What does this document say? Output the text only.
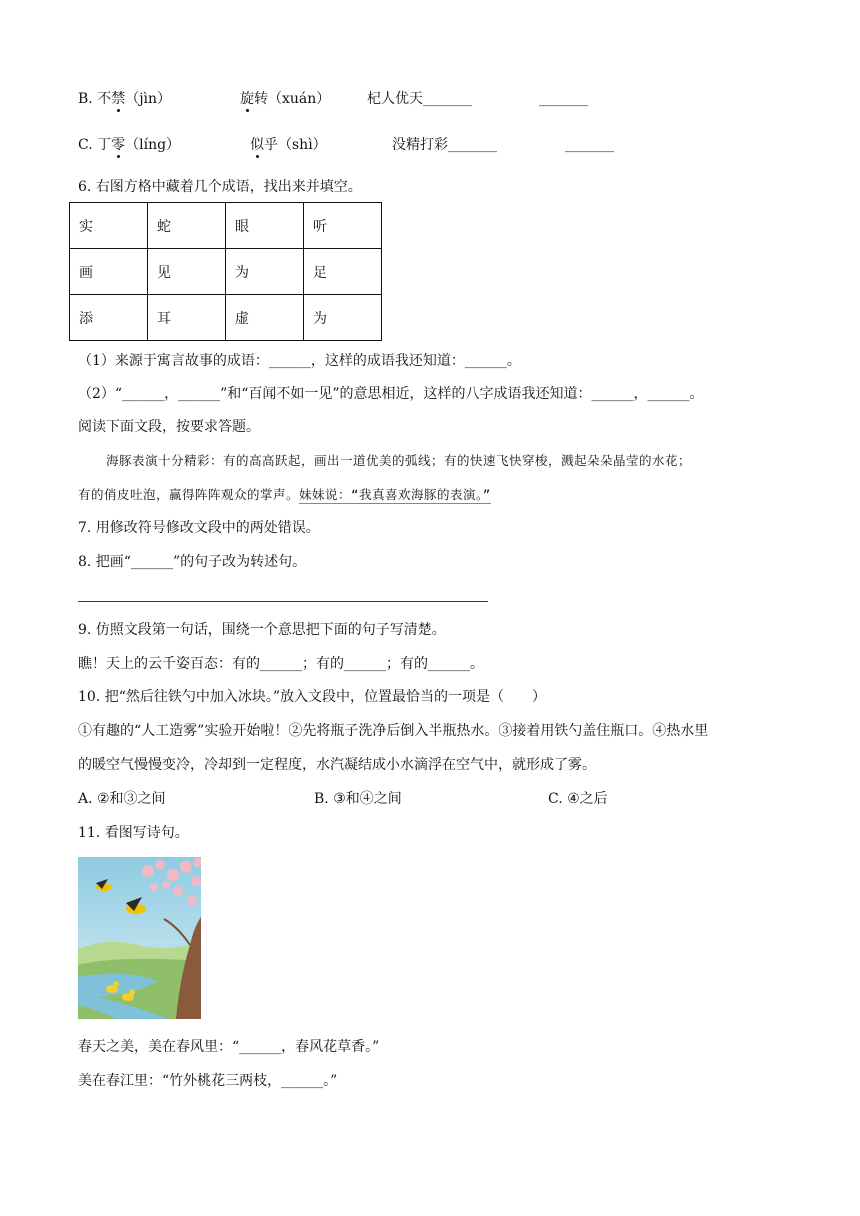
B. 不禁（jìn）	旋转（xuán）	杞人优天_______	_______
C. 丁零（líng）	似乎（shì）	没精打彩_______	_______
6. 右图方格中藏着几个成语，找出来并填空。
实	蛇	眼	听
画	见	为	足
添	耳	虚	为
（1）来源于寓言故事的成语：______，这样的成语我还知道：______。
（2）“______，______”和“百闻不如一见”的意思相近，这样的八字成语我还知道：______，______。
阅读下面文段，按要求答题。
海豚表演十分精彩：有的高高跃起，画出一道优美的弧线；有的快速飞快穿梭，溅起朵朵晶莹的水花；
有的俏皮吐泡，赢得阵阵观众的掌声。妹妹说：“我真喜欢海豚的表演。”
7. 用修改符号修改文段中的两处错误。
8. 把画“______”的句子改为转述句。
9. 仿照文段第一句话，围绕一个意思把下面的句子写清楚。
瞧！天上的云千姿百态：有的______；有的______；有的______。
10. 把“然后往铁勺中加入冰块。”放入文段中，位置最恰当的一项是（　　）
①有趣的“人工造雾”实验开始啦！②先将瓶子洗净后倒入半瓶热水。③接着用铁勺盖住瓶口。④热水里
的暖空气慢慢变冷，冷却到一定程度，水汽凝结成小水滴浮在空气中，就形成了雾。
A. ②和③之间	B. ③和④之间	C. ④之后
11. 看图写诗句。
春天之美，美在春风里：“______，春风花草香。”
美在春江里：“竹外桃花三两枝，______。”
